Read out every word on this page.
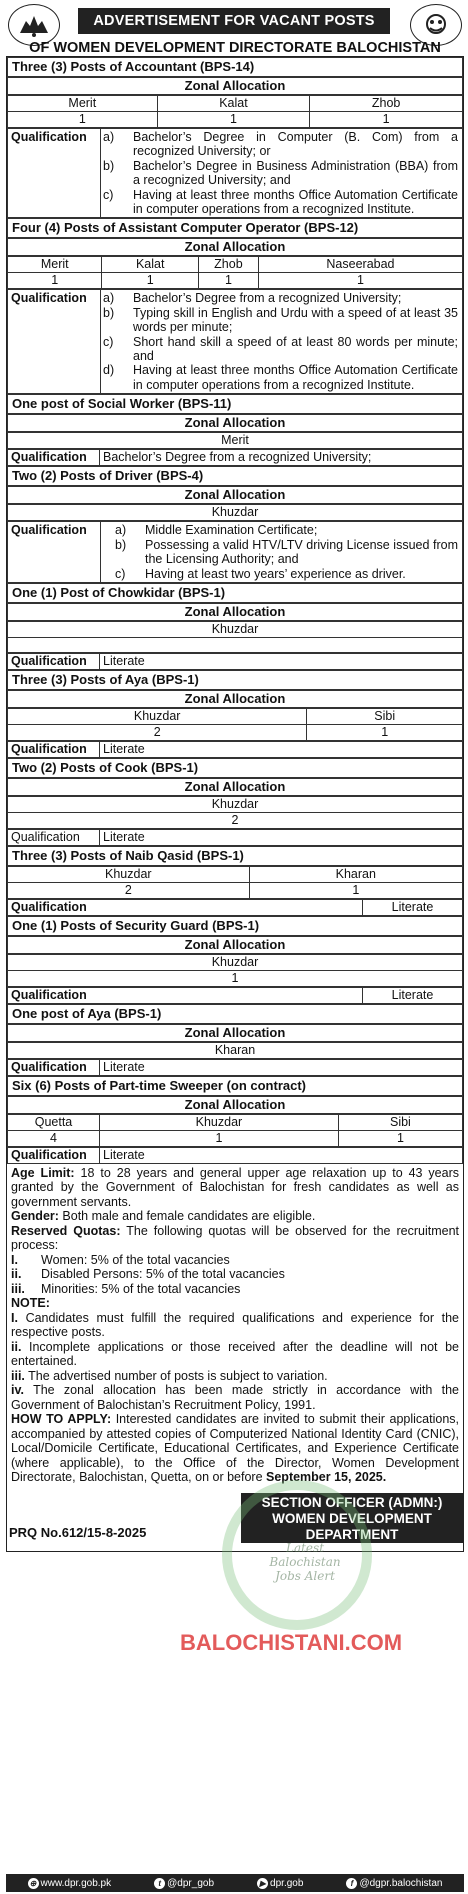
ADVERTISEMENT FOR VACANT POSTS
OF WOMEN DEVELOPMENT DIRECTORATE BALOCHISTAN
Three (3) Posts of Accountant (BPS-14)
Zonal Allocation
Merit	Kalat	Zhob
1	1	1
Qualification	a)	Bachelor’s Degree in Computer (B. Com) from a recognized University; or
b)	Bachelor’s Degree in Business Administration (BBA) from a recognized University; and
c)	Having at least three months Office Automation Certificate in computer operations from a recognized Institute.
Four (4) Posts of Assistant Computer Operator (BPS-12)
Zonal Allocation
Merit	Kalat	Zhob	Naseerabad
1	1	1	1
Qualification	a)	Bachelor’s Degree from a recognized University;
b)	Typing skill in English and Urdu with a speed of at least 35 words per minute;
c)	Short hand skill a speed of at least 80 words per minute; and
d)	Having at least three months Office Automation Certificate in computer operations from a recognized Institute.
One post of Social Worker (BPS-11)
Zonal Allocation
Merit
Qualification	Bachelor’s Degree from a recognized University;
Two (2) Posts of Driver (BPS-4)
Zonal Allocation
Khuzdar
Qualification	a)	Middle Examination Certificate;
b)	Possessing a valid HTV/LTV driving License issued from the Licensing Authority; and
c)	Having at least two years’ experience as driver.
One (1) Post of Chowkidar (BPS-1)
Zonal Allocation
Khuzdar

Qualification	Literate
Three (3) Posts of Aya (BPS-1)
Zonal Allocation
Khuzdar	Sibi
2	1
Qualification	Literate
Two (2) Posts of Cook (BPS-1)
Zonal Allocation
Khuzdar
2
Qualification	Literate
Three (3) Posts of Naib Qasid (BPS-1)
Khuzdar	Kharan
2	1
Qualification	Literate
One (1) Posts of Security Guard (BPS-1)
Zonal Allocation
Khuzdar
1
Qualification	Literate
One post of Aya (BPS-1)
Zonal Allocation
Kharan
Qualification	Literate
Six (6) Posts of Part-time Sweeper (on contract)
Zonal Allocation
Quetta	Khuzdar	Sibi
4	1	1
Qualification	Literate
Age Limit: 18 to 28 years and general upper age relaxation up to 43 years granted by the Government of Balochistan for fresh candidates as well as government servants.
Gender: Both male and female candidates are eligible.
Reserved Quotas: The following quotas will be observed for the recruitment process:
I.	Women: 5% of the total vacancies
ii.	Disabled Persons: 5% of the total vacancies
iii.	Minorities: 5% of the total vacancies
NOTE:
I. Candidates must fulfill the required qualifications and experience for the respective posts.
ii. Incomplete applications or those received after the deadline will not be entertained.
iii. The advertised number of posts is subject to variation.
iv. The zonal allocation has been made strictly in accordance with the Government of Balochistan’s Recruitment Policy, 1991.
HOW TO APPLY: Interested candidates are invited to submit their applications, accompanied by attested copies of Computerized National Identity Card (CNIC), Local/Domicile Certificate, Educational Certificates, and Experience Certificate (where applicable), to the Office of the Director, Women Development Directorate, Balochistan, Quetta, on or before September 15, 2025.
PRQ No.612/15-8-2025
SECTION OFFICER (ADMN:)
WOMEN DEVELOPMENT
DEPARTMENT
⊕ www.dpr.gob.pk	t @dpr_gob	▶ dpr.gob	f @dgpr.balochistan
Latest Balochistan
Jobs Alert
BALOCHISTANI.COM
